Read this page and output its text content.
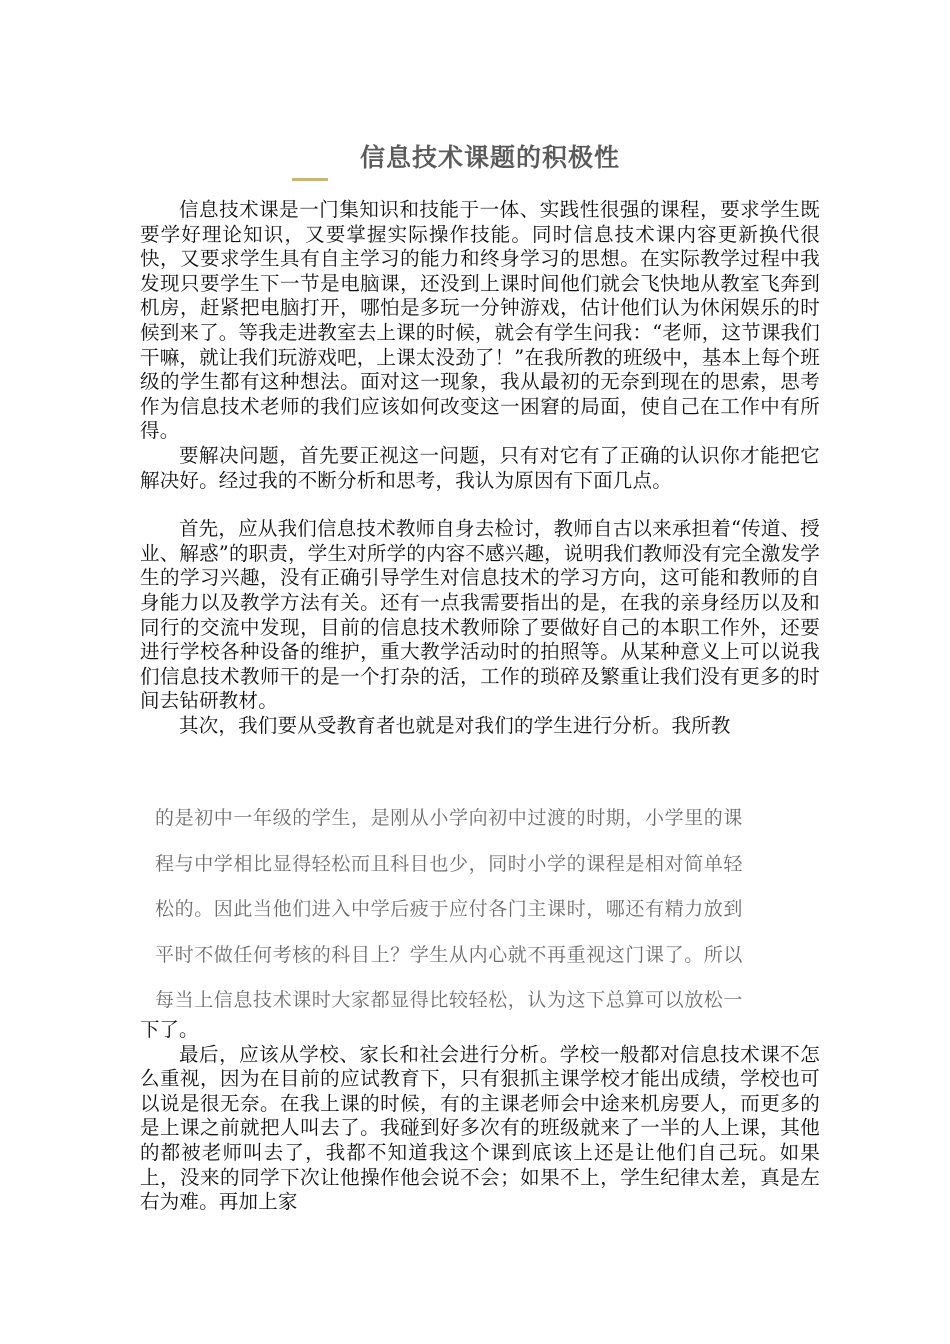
信息技术课题的积极性

信息技术课是一门集知识和技能于一体、实践性很强的课程，要求学生既要学好理论知识，又要掌握实际操作技能。同时信息技术课内容更新换代很快，又要求学生具有自主学习的能力和终身学习的思想。在实际教学过程中我发现只要学生下一节是电脑课，还没到上课时间他们就会飞快地从教室飞奔到机房，赶紧把电脑打开，哪怕是多玩一分钟游戏，估计他们认为休闲娱乐的时候到来了。等我走进教室去上课的时候，就会有学生问我：“老师，这节课我们干嘛，就让我们玩游戏吧，上课太没劲了！”在我所教的班级中，基本上每个班级的学生都有这种想法。面对这一现象，我从最初的无奈到现在的思索，思考作为信息技术老师的我们应该如何改变这一困窘的局面，使自己在工作中有所得。

要解决问题，首先要正视这一问题，只有对它有了正确的认识你才能把它解决好。经过我的不断分析和思考，我认为原因有下面几点。

首先，应从我们信息技术教师自身去检讨，教师自古以来承担着“传道、授业、解惑”的职责，学生对所学的内容不感兴趣，说明我们教师没有完全激发学生的学习兴趣，没有正确引导学生对信息技术的学习方向，这可能和教师的自身能力以及教学方法有关。还有一点我需要指出的是，在我的亲身经历以及和同行的交流中发现，目前的信息技术教师除了要做好自己的本职工作外，还要进行学校各种设备的维护，重大教学活动时的拍照等。从某种意义上可以说我们信息技术教师干的是一个打杂的活，工作的琐碎及繁重让我们没有更多的时间去钻研教材。

其次，我们要从受教育者也就是对我们的学生进行分析。我所教

的是初中一年级的学生，是刚从小学向初中过渡的时期，小学里的课
程与中学相比显得轻松而且科目也少，同时小学的课程是相对简单轻
松的。因此当他们进入中学后疲于应付各门主课时，哪还有精力放到
平时不做任何考核的科目上？学生从内心就不再重视这门课了。所以
每当上信息技术课时大家都显得比较轻松，认为这下总算可以放松一

下了。

最后，应该从学校、家长和社会进行分析。学校一般都对信息技术课不怎么重视，因为在目前的应试教育下，只有狠抓主课学校才能出成绩，学校也可以说是很无奈。在我上课的时候，有的主课老师会中途来机房要人，而更多的是上课之前就把人叫去了。我碰到好多次有的班级就来了一半的人上课，其他的都被老师叫去了，我都不知道我这个课到底该上还是让他们自己玩。如果上，没来的同学下次让他操作他会说不会；如果不上，学生纪律太差，真是左右为难。再加上家
